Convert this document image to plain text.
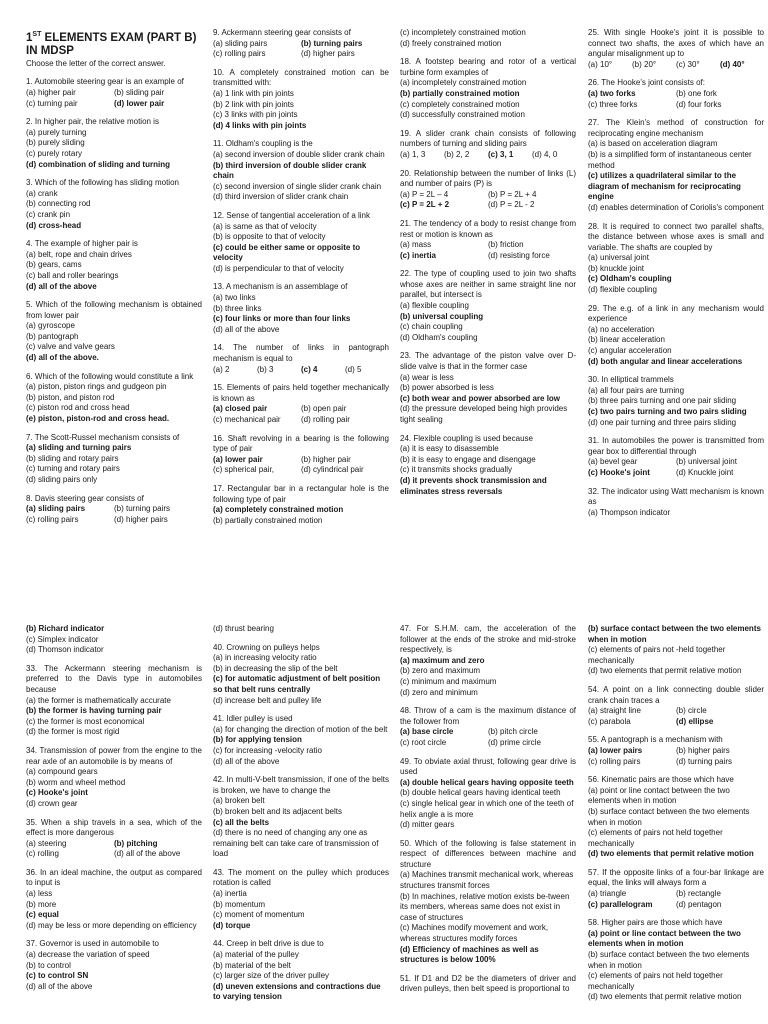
1ST ELEMENTS EXAM (PART B) IN MDSP
Choose the letter of the correct answer.

1. Automobile steering gear is an example of

(a) higher pair	(b) sliding pair
(c) turning pair	(d) lower pair

2. In higher pair, the relative motion is

(a) purely turning
(b) purely sliding
(c) purely rotary
(d) combination of sliding and turning

3. Which of the following has sliding motion

(a) crank
(b) connecting rod
(c) crank pin
(d) cross-head

4. The example of higher pair is

(a) belt, rope and chain drives
(b) gears, cams
(c) ball and roller bearings
(d) all of the above

5. Which of the following mechanism is obtained from lower pair

(a) gyroscope
(b) pantograph
(c) valve and valve gears
(d) all of the above.

6. Which of the following would constitute a link

(a) piston, piston rings and gudgeon pin
(b) piston, and piston rod
(c) piston rod and cross head
(e) piston, piston-rod and cross head.

7. The Scott-Russel mechanism consists of

(a) sliding and turning pairs
(b) sliding and rotary pairs
(c) turning and rotary pairs
(d) sliding pairs only

8. Davis steering gear consists of

(a) sliding pairs	(b) turning pairs
(c) rolling pairs	(d) higher pairs

9. Ackermann steering gear consists of

(a) sliding pairs	(b) turning pairs
(c) rolling pairs	(d) higher pairs

10. A completely constrained motion can be transmitted with:

(a) 1 link with pin joints
(b) 2 link with pin joints
(c) 3 links with pin joints
(d) 4 links with pin joints

11. Oldham's coupling is the

(a) second inversion of double slider crank chain
(b) third inversion of double slider crank chain
(c) second inversion of single slider crank chain
(d) third inversion of slider crank chain

12. Sense of tangential acceleration of a link

(a) is same as that of velocity
(b) is opposite to that of velocity
(c) could be either same or opposite to velocity
(d) is perpendicular to that of velocity

13. A mechanism is an assemblage of

(a) two links
(b) three links
(c) four links or more than four links
(d) all of the above

14. The number of links in pantograph mechanism is equal to

(a) 2	(b) 3	(c) 4	(d) 5

15. Elements of pairs held together mechanically is known as

(a) closed pair	(b) open pair
(c) mechanical pair	(d) rolling pair

16. Shaft revolving in a bearing is the following type of pair

(a) lower pair	(b) higher pair
(c) spherical pair,	(d) cylindrical pair

17. Rectangular bar in a rectangular hole is the following type of pair

(a) completely constrained motion
(b) partially constrained motion
(c) incompletely constrained motion
(d) freely constrained motion

18. A footstep bearing and rotor of a vertical turbine form examples of

(a) incompletely constrained motion
(b) partially constrained motion
(c) completely constrained motion
(d) successfully constrained motion

19. A slider crank chain consists of following numbers of turning and sliding pairs

(a) 1, 3	(b) 2, 2	(c) 3, 1	(d) 4, 0

20. Relationship between the number of links (L) and number of pairs (P) is

(a) P = 2L – 4	(b) P = 2L + 4
(c) P = 2L + 2	(d) P = 2L - 2

21. The tendency of a body to resist change from rest or motion is known as

(a) mass	(b) friction
(c) inertia	(d) resisting force

22. The type of coupling used to join two shafts whose axes are neither in same straight line nor parallel, but intersect is

(a) flexible coupling
(b) universal coupling
(c) chain coupling
(d) Oldham's coupling

23. The advantage of the piston valve over D-slide valve is that in the former case

(a) wear is less
(b) power absorbed is less
(c) both wear and power absorbed are low
(d) the pressure developed being high provides tight sealing

24. Flexible coupling is used because

(a) it is easy to disassemble
(b) it is easy to engage and disengage
(c) it transmits shocks gradually
(d) it prevents shock transmission and eliminates stress reversals

25. With single Hooke's joint it is possible to connect two shafts, the axes of which have an angular misalignment up to

(a) 10°	(b) 20°	(c) 30°	(d) 40°

26. The Hooke's joint consists of:

(a) two forks	(b) one fork
(c) three forks	(d) four forks

27. The Klein's method of construction for reciprocating engine mechanism

(a) is based on acceleration diagram
(b) is a simplified form of instantaneous center method
(c) utilizes a quadrilateral similar to the diagram of mechanism for reciprocating engine
(d) enables determination of Coriolis's component

28. It is required to connect two parallel shafts, the distance between whose axes is small and variable. The shafts are coupled by

(a) universal joint
(b) knuckle joint
(c) Oldham's coupling
(d) flexible coupling

29. The e.g. of a link in any mechanism would experience

(a) no acceleration
(b) linear acceleration
(c) angular acceleration
(d) both angular and linear accelerations

30. In elliptical trammels

(a) all four pairs are turning
(b) three pairs turning and one pair sliding
(c) two pairs turning and two pairs sliding
(d) one pair turning and three pairs sliding

31. In automobiles the power is transmitted from gear box to differential through

(a) bevel gear	(b) universal joint
(c) Hooke's joint	(d) Knuckle joint

32. The indicator using Watt mechanism is known as

(a) Thompson indicator
(b) Richard indicator
(c) Simplex indicator
(d) Thomson indicator

33. The Ackermann steering mechanism is preferred to the Davis type in automobiles because

(a) the former is mathematically accurate
(b) the former is having turning pair
(c) the former is most economical
(d) the former is most rigid

34. Transmission of power from the engine to the rear axle of an automobile is by means of

(a) compound gears
(b) worm and wheel method
(c) Hooke's joint
(d) crown gear

35. When a ship travels in a sea, which of the effect is more dangerous

(a) steering	(b) pitching
(c) rolling	(d) all of the above

36. In an ideal machine, the output as compared to input is

(a) less
(b) more
(c) equal
(d) may be less or more depending on efficiency

37. Governor is used in automobile to

(a) decrease the variation of speed
(b) to control
(c) to control SN
(d) all of the above
(d) thrust bearing

40. Crowning on pulleys helps

(a) in increasing velocity ratio
(b) in decreasing the slip of the belt
(c) for automatic adjustment of belt position so that belt runs centrally
(d) increase belt and pulley life

41. Idler pulley is used

(a) for changing the direction of motion of the belt
(b) for applying tension
(c) for increasing -velocity ratio
(d) all of the above

42. In multi-V-belt transmission, if one of the belts is broken, we have to change the

(a) broken belt
(b) broken belt and its adjacent belts
(c) all the belts
(d) there is no need of changing any one as remaining belt can take care of transmission of load

43. The moment on the pulley which produces rotation is called

(a) inertia
(b) momentum
(c) moment of momentum
(d) torque

44. Creep in belt drive is due to

(a) material of the pulley
(b) material of the belt
(c) larger size of the driver pulley
(d) uneven extensions and contractions due to varying tension

47. For S.H.M. cam, the acceleration of the follower at the ends of the stroke and mid-stroke respectively, is

(a) maximum and zero
(b) zero and maximum
(c) minimum and maximum
(d) zero and minimum

48. Throw of a cam is the maximum distance of the follower from

(a) base circle	(b) pitch circle
(c) root circle	(d) prime circle

49. To obviate axial thrust, following gear drive is used

(a) double helical gears having opposite teeth
(b) double helical gears having identical teeth
(c) single helical gear in which one of the teeth of helix angle a is more
(d) mitter gears

50. Which of the following is false statement in respect of differences between machine and structure

(a) Machines transmit mechanical work, whereas structures transmit forces
(b) In machines, relative motion exists be-tween its members, whereas same does not exist in case of structures
(c) Machines modify movement and work, whereas structures modify forces
(d) Efficiency of machines as well as structures is below 100%

51. If D1 and D2 be the diameters of driver and driven pulleys, then belt speed is proportional to

(b) surface contact between the two elements when in motion
(c) elements of pairs not -held together mechanically
(d) two elements that permit relative motion

54. A point on a link connecting double slider crank chain traces a

(a) straight line	(b) circle
(c) parabola	(d) ellipse

55. A pantograph is a mechanism with

(a) lower pairs	(b) higher pairs
(c) rolling pairs	(d) turning pairs

56. Kinematic pairs are those which have

(a) point or line contact between the two elements when in motion
(b) surface contact between the two elements when in motion
(c) elements of pairs not held together mechanically
(d) two elements that permit relative motion

57. If the opposite links of a four-bar linkage are equal, the links will always form a

(a) triangle	(b) rectangle
(c) parallelogram	(d) pentagon

58. Higher pairs are those which have

(a) point or line contact between the two elements when in motion
(b) surface contact between the two elements when in motion
(c) elements of pairs not held together mechanically
(d) two elements that permit relative motion
